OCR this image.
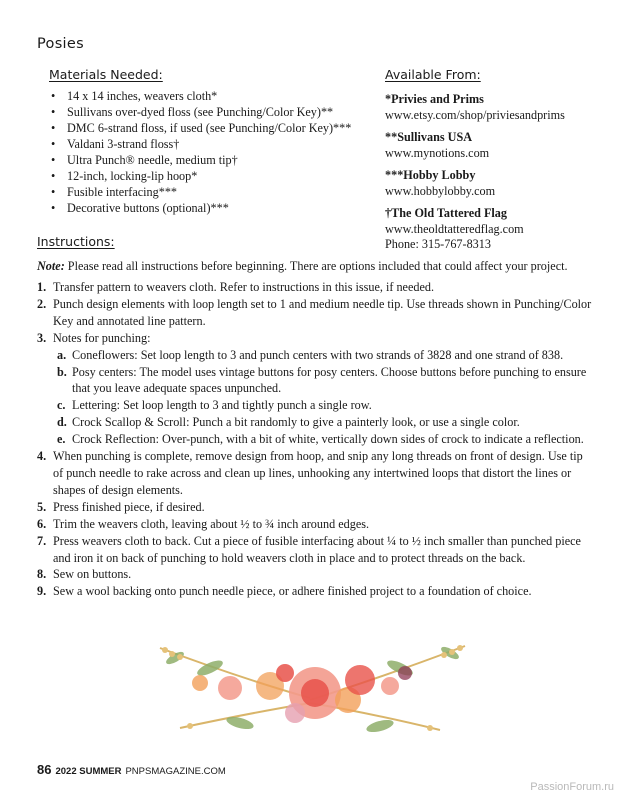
Posies
Materials Needed:
• 14 x 14 inches, weavers cloth*
• Sullivans over-dyed floss (see Punching/Color Key)**
• DMC 6-strand floss, if used (see Punching/Color Key)***
• Valdani 3-strand floss†
• Ultra Punch® needle, medium tip†
• 12-inch, locking-lip hoop*
• Fusible interfacing***
• Decorative buttons (optional)***
Available From:
*Privies and Prims
www.etsy.com/shop/priviesandprims
**Sullivans USA
www.mynotions.com
***Hobby Lobby
www.hobbylobby.com
†The Old Tattered Flag
www.theoldtatteredflag.com
Phone: 315-767-8313
Instructions:
Note: Please read all instructions before beginning. There are options included that could affect your project.
1. Transfer pattern to weavers cloth. Refer to instructions in this issue, if needed.
2. Punch design elements with loop length set to 1 and medium needle tip. Use threads shown in Punching/Color Key and annotated line pattern.
3. Notes for punching:
a. Coneflowers: Set loop length to 3 and punch centers with two strands of 3828 and one strand of 838.
b. Posy centers: The model uses vintage buttons for posy centers. Choose buttons before punching to ensure that you leave adequate spaces unpunched.
c. Lettering: Set loop length to 3 and tightly punch a single row.
d. Crock Scallop & Scroll: Punch a bit randomly to give a painterly look, or use a single color.
e. Crock Reflection: Over-punch, with a bit of white, vertically down sides of crock to indicate a reflection.
4. When punching is complete, remove design from hoop, and snip any long threads on front of design. Use tip of punch needle to rake across and clean up lines, unhooking any intertwined loops that distort the lines or shapes of design elements.
5. Press finished piece, if desired.
6. Trim the weavers cloth, leaving about ½ to ¾ inch around edges.
7. Press weavers cloth to back. Cut a piece of fusible interfacing about ¼ to ½ inch smaller than punched piece and iron it on back of punching to hold weavers cloth in place and to protect threads on the back.
8. Sew on buttons.
9. Sew a wool backing onto punch needle piece, or adhere finished project to a foundation of choice.
86 2022 SUMMER PNPSMAGAZINE.COM
PassionForum.ru
